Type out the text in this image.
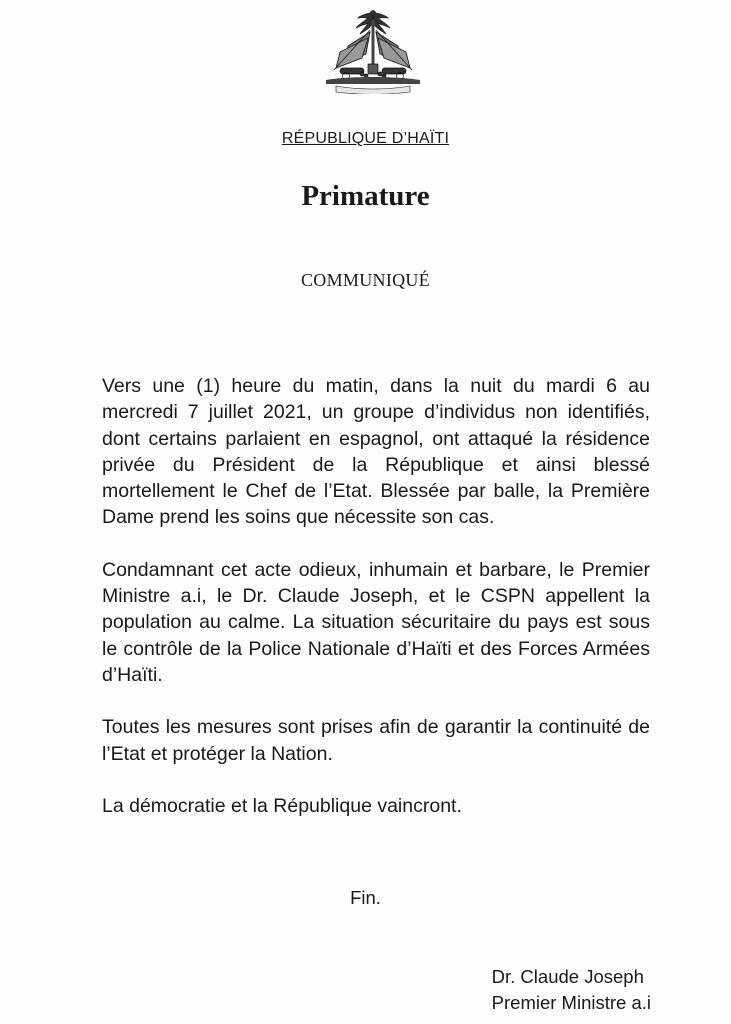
RÉPUBLIQUE D’HAÏTI
Primature
COMMUNIQUÉ

Vers une (1) heure du matin, dans la nuit du mardi 6 au mercredi 7 juillet 2021, un groupe d’individus non identifiés, dont certains parlaient en espagnol, ont attaqué la résidence privée du Président de la République et ainsi blessé mortellement le Chef de l’Etat. Blessée par balle, la Première Dame prend les soins que nécessite son cas.

Condamnant cet acte odieux, inhumain et barbare, le Premier Ministre a.i, le Dr. Claude Joseph, et le CSPN appellent la population au calme. La situation sécuritaire du pays est sous le contrôle de la Police Nationale d’Haïti et des Forces Armées d’Haïti.

Toutes les mesures sont prises afin de garantir la continuité de l’Etat et protéger la Nation.

La démocratie et la République vaincront.

Fin.
Dr. Claude Joseph
Premier Ministre a.i
